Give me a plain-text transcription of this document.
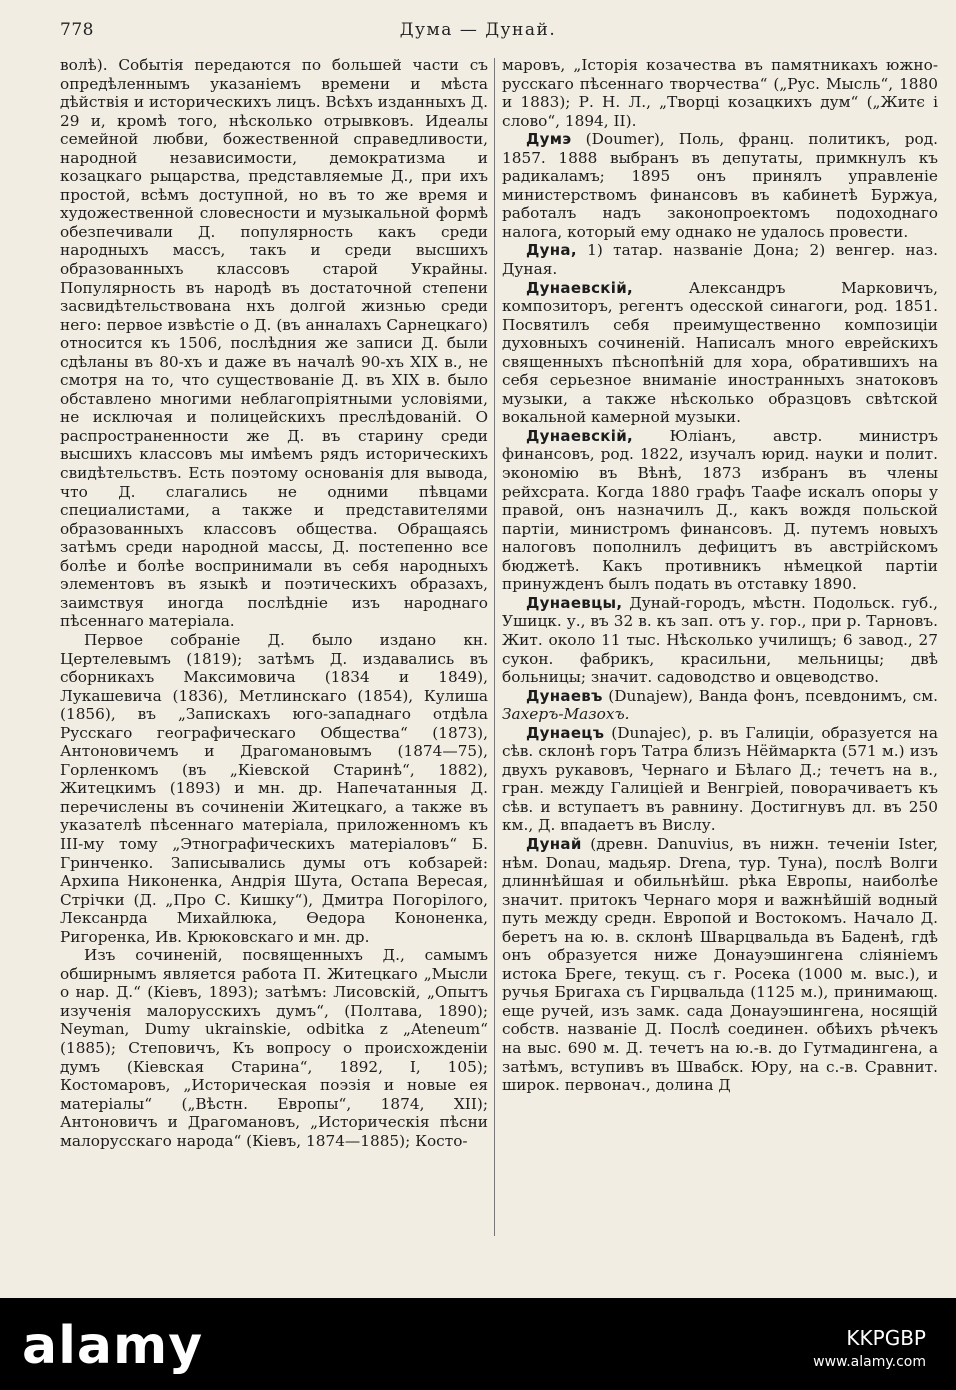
778	Дума — Дунай.

волѣ). Событія передаются по большей части съ опредѣленнымъ указаніемъ времени и мѣста дѣйствія и историческихъ лицъ. Всѣхъ изданныхъ Д. 29 и, кромѣ того, нѣсколько отрывковъ. Идеалы семейной любви, божественной справедливости, народной независимости, демократизма и козацкаго рыцарства, представляемые Д., при ихъ простой, всѣмъ доступной, но въ то же время и художественной словесности и музыкальной формѣ обезпечивали Д. популярность какъ среди народныхъ массъ, такъ и среди высшихъ образованныхъ классовъ старой Украйны. Популярность въ народѣ въ достаточной степени засвидѣтельствована нхъ долгой жизнью среди него: первое извѣстіе о Д. (въ анналахъ Сарнецкаго) относится къ 1506, послѣдния же записи Д. были сдѣланы въ 80-хъ и даже въ началѣ 90-хъ XIX в., не смотря на то, что существованіе Д. въ XIX в. было обставлено многими неблагопріятными условіями, не исключая и полицейскихъ преслѣдованій. О распространенности же Д. въ старину среди высшихъ классовъ мы имѣемъ рядъ историческихъ свидѣтельствъ. Есть поэтому основанія для вывода, что Д. слагались не одними пѣвцами специалистами, а также и представителями образованныхъ классовъ общества. Обращаясь затѣмъ среди народной массы, Д. постепенно все болѣе и болѣе воспринимали въ себя народныхъ элементовъ въ языкѣ и поэтическихъ образахъ, заимствуя иногда послѣдніе изъ народнаго пѣсеннаго матеріала.

Первое собраніе Д. было издано кн. Цертелевымъ (1819); затѣмъ Д. издавались въ сборникахъ Максимовича (1834 и 1849), Лукашевича (1836), Метлинскаго (1854), Кулиша (1856), въ „Запискахъ юго-западнаго отдѣла Русскаго географическаго Общества“ (1873), Антоновичемъ и Драгомановымъ (1874—75), Горленкомъ (въ „Кіевской Старинѣ“, 1882), Житецкимъ (1893) и мн. др. Напечатанныя Д. перечислены въ сочиненіи Житецкаго, а также въ указателѣ пѣсеннаго матеріала, приложенномъ къ III-му тому „Этнографическихъ матеріаловъ“ Б. Гринченко. Записывались думы отъ кобзарей: Архипа Никоненка, Андрія Шута, Остапа Вересая, Стрічки (Д. „Про С. Кишку“), Дмитра Погорілого, Лексанрда Михайлюка, Өедора Кононенка, Ригоренка, Ив. Крюковскаго и мн. др.

Изъ сочиненій, посвященныхъ Д., самымъ обширнымъ является работа П. Житецкаго „Мысли о нар. Д.“ (Кіевъ, 1893); затѣмъ: Лисовскій, „Опытъ изученія малорусскихъ думъ“, (Полтава, 1890); Neyman, Dumy ukrainskie, odbitka z „Ateneum“ (1885); Степовичъ, Къ вопросу о происхожденіи думъ (Кіевская Старина“, 1892, I, 105); Костомаровъ, „Историческая поэзія и новые ея матеріалы“ („Вѣстн. Европы“, 1874, XII); Антоновичъ и Драгомановъ, „Историческія пѣсни малорусскаго народа“ (Кіевъ, 1874—1885); Косто-

маровъ, „Історія козачества въ памятникахъ южно-русскаго пѣсеннаго творчества“ („Рус. Мысль“, 1880 и 1883); Р. Н. Л., „Творці козацкихъ дум“ („Житє і слово“, 1894, II).

Думэ (Doumer), Поль, франц. политикъ, род. 1857. 1888 выбранъ въ депутаты, примкнулъ къ радикаламъ; 1895 онъ принялъ управленіе министерствомъ финансовъ въ кабинетѣ Буржуа, работалъ надъ законопроектомъ подоходнаго налога, который ему однако не удалось провести.

Дуна, 1) татар. названіе Дона; 2) венгер. наз. Дуная.

Дунаевскій, Александръ Марковичъ, композиторъ, регентъ одесской синагоги, род. 1851. Посвятилъ себя преимущественно композиціи духовныхъ сочиненій. Написалъ много еврейскихъ священныхъ пѣснопѣній для хора, обратившихъ на себя серьезное вниманіе иностранныхъ знатоковъ музыки, а также нѣсколько образцовъ свѣтской вокальной камерной музыки.

Дунаевскій, Юліанъ, австр. министръ финансовъ, род. 1822, изучалъ юрид. науки и полит. экономію въ Вѣнѣ, 1873 избранъ въ члены рейхсрата. Когда 1880 графъ Таафе искалъ опоры у правой, онъ назначилъ Д., какъ вождя польской партіи, министромъ финансовъ. Д. путемъ новыхъ налоговъ пополнилъ дефицитъ въ австрійскомъ бюджетѣ. Какъ противникъ нѣмецкой партіи принужденъ былъ подать въ отставку 1890.

Дунаевцы, Дунай-городъ, мѣстн. Подольск. губ., Ушицк. у., въ 32 в. къ зап. отъ у. гор., при р. Тарновъ. Жит. около 11 тыс. Нѣсколько училищъ; 6 завод., 27 сукон. фабрикъ, красильни, мельницы; двѣ больницы; значит. садоводство и овцеводство.

Дунаевъ (Dunajew), Ванда фонъ, псевдонимъ, см. Захеръ-Мазохъ.

Дунаецъ (Dunajec), р. въ Галиціи, образуется на сѣв. склонѣ горъ Татра близъ Нёймаркта (571 м.) изъ двухъ рукавовъ, Чернаго и Бѣлаго Д.; течетъ на в., гран. между Галиціей и Венгріей, поворачиваетъ къ сѣв. и вступаетъ въ равнину. Достигнувъ дл. въ 250 км., Д. впадаетъ въ Вислу.

Дунай (древн. Danuvius, въ нижн. теченіи Ister, нѣм. Donau, мадьяр. Drena, тур. Туна), послѣ Волги длиннѣйшая и обильнѣйш. рѣка Европы, наиболѣе значит. притокъ Чернаго моря и важнѣйшій водный путь между средн. Европой и Востокомъ. Начало Д. беретъ на ю. в. склонѣ Шварцвальда въ Баденѣ, гдѣ онъ образуется ниже Донауэшингена сліяніемъ истока Бреге, текущ. съ г. Росека (1000 м. выс.), и ручья Бригаха съ Гирцвальда (1125 м.), принимающ. еще ручей, изъ замк. сада Донауэшингена, носящій собств. названіе Д. Послѣ соединен. обѣихъ рѣчекъ на выс. 690 м. Д. течетъ на ю.-в. до Гутмадингена, а затѣмъ, вступивъ въ Швабск. Юру, на с.-в. Сравнит. широк. первонач., долина Д

alamy	KKPGBP
www.alamy.com
